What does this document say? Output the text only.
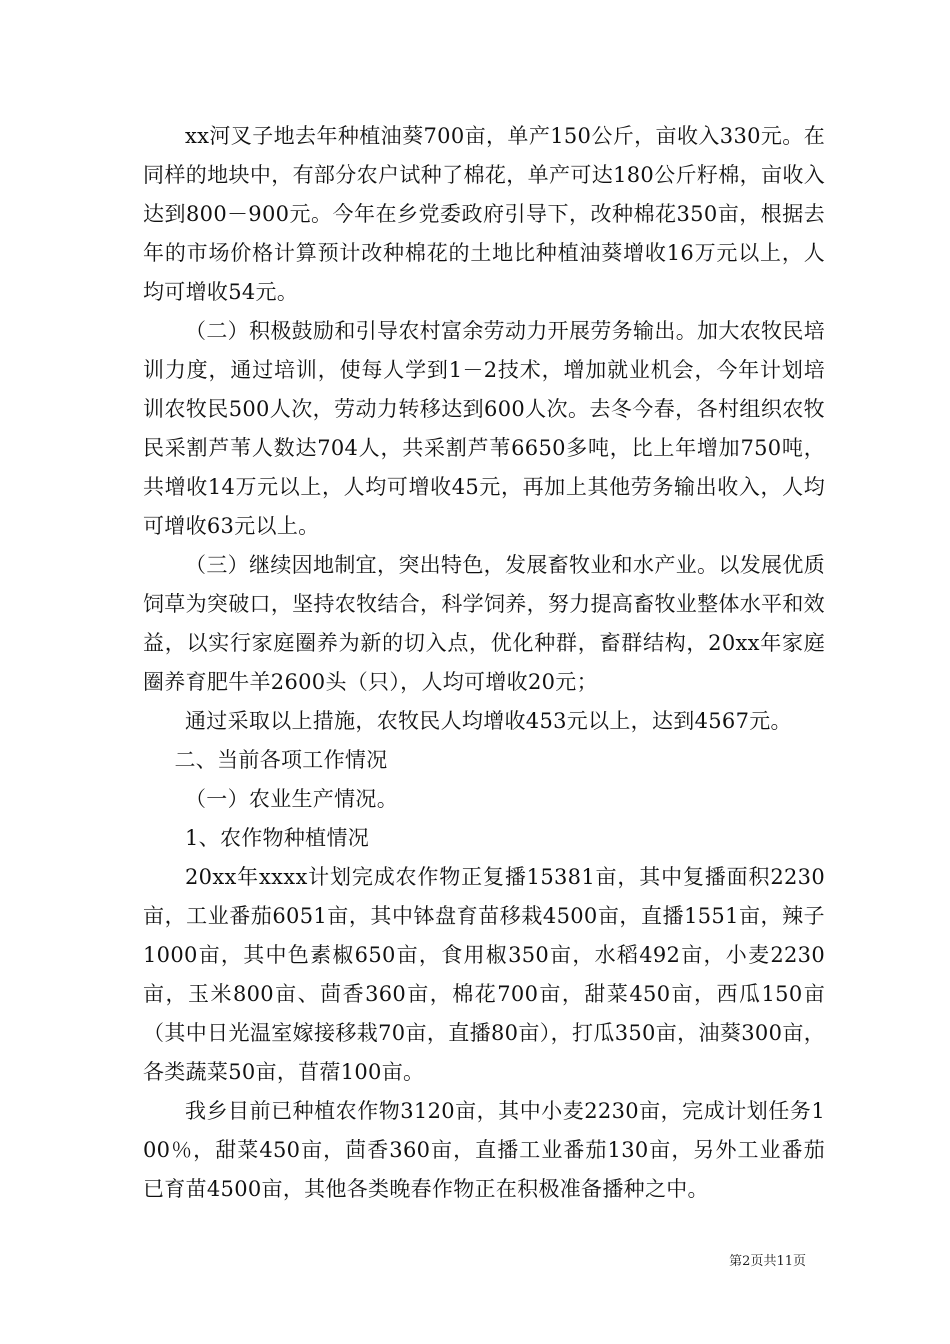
xx河叉子地去年种植油葵700亩，单产150公斤，亩收入330元。在同样的地块中，有部分农户试种了棉花，单产可达180公斤籽棉，亩收入达到800－900元。今年在乡党委政府引导下，改种棉花350亩，根据去年的市场价格计算预计改种棉花的土地比种植油葵增收16万元以上，人均可增收54元。

（二）积极鼓励和引导农村富余劳动力开展劳务输出。加大农牧民培训力度，通过培训，使每人学到1－2技术，增加就业机会，今年计划培训农牧民500人次，劳动力转移达到600人次。去冬今春，各村组织农牧民采割芦苇人数达704人，共采割芦苇6650多吨，比上年增加750吨，共增收14万元以上，人均可增收45元，再加上其他劳务输出收入，人均可增收63元以上。

（三）继续因地制宜，突出特色，发展畜牧业和水产业。以发展优质饲草为突破口，坚持农牧结合，科学饲养，努力提高畜牧业整体水平和效益，以实行家庭圈养为新的切入点，优化种群，畜群结构，20xx年家庭圈养育肥牛羊2600头（只），人均可增收20元；

通过采取以上措施，农牧民人均增收453元以上，达到4567元。

二、当前各项工作情况

（一）农业生产情况。

1、农作物种植情况

20xx年xxxx计划完成农作物正复播15381亩，其中复播面积2230亩，工业番茄6051亩，其中钵盘育苗移栽4500亩，直播1551亩，辣子1000亩，其中色素椒650亩，食用椒350亩，水稻492亩，小麦2230亩，玉米800亩、茴香360亩，棉花700亩，甜菜450亩，西瓜150亩（其中日光温室嫁接移栽70亩，直播80亩），打瓜350亩，油葵300亩，各类蔬菜50亩，苜蓿100亩。

我乡目前已种植农作物3120亩，其中小麦2230亩，完成计划任务100％，甜菜450亩，茴香360亩，直播工业番茄130亩，另外工业番茄已育苗4500亩，其他各类晚春作物正在积极准备播种之中。

第2页共11页
